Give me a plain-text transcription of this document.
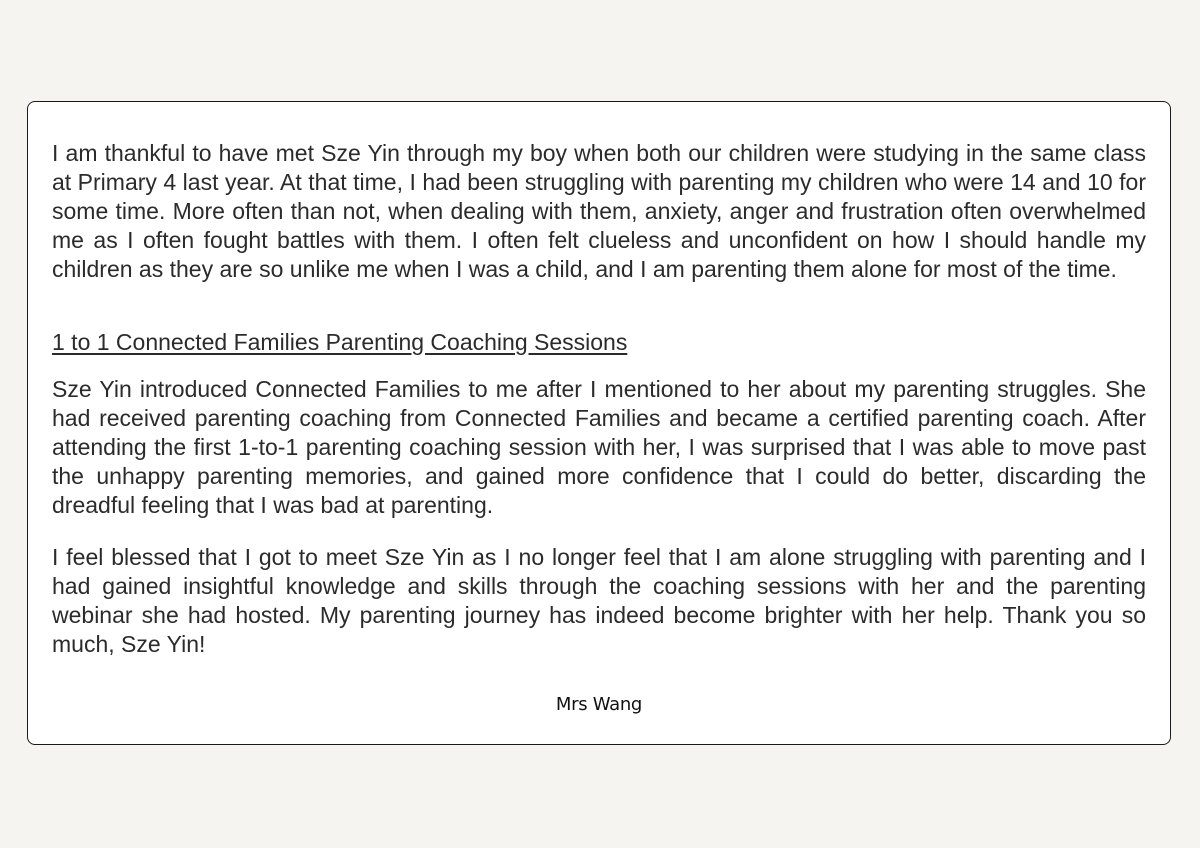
I am thankful to have met Sze Yin through my boy when both our children were studying in the same class at Primary 4 last year. At that time, I had been struggling with parenting my children who were 14 and 10 for some time. More often than not, when dealing with them, anxiety, anger and frustration often overwhelmed me as I often fought battles with them. I often felt clueless and unconfident on how I should handle my children as they are so unlike me when I was a child, and I am parenting them alone for most of the time.

1 to 1 Connected Families Parenting Coaching Sessions

Sze Yin introduced Connected Families to me after I mentioned to her about my parenting struggles. She had received parenting coaching from Connected Families and became a certified parenting coach. After attending the first 1-to-1 parenting coaching session with her, I was surprised that I was able to move past the unhappy parenting memories, and gained more confidence that I could do better, discarding the dreadful feeling that I was bad at parenting.

I feel blessed that I got to meet Sze Yin as I no longer feel that I am alone struggling with parenting and I had gained insightful knowledge and skills through the coaching sessions with her and the parenting webinar she had hosted. My parenting journey has indeed become brighter with her help. Thank you so much, Sze Yin!

Mrs Wang
